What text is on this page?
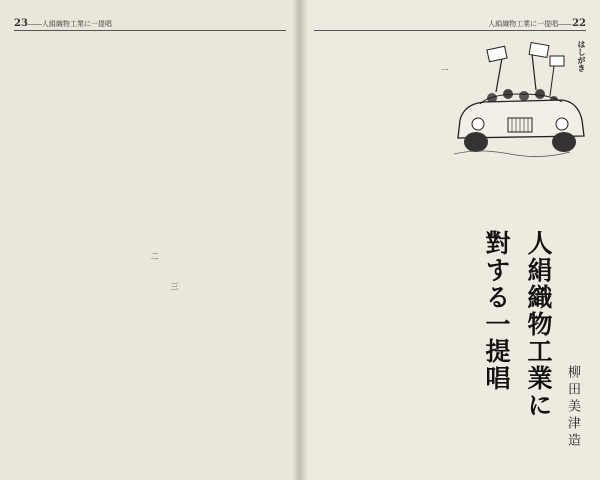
23――人絹織物工業に一提唱
二
三
人絹織物工業に一提唱――22
はしがき
一
人絹織物工業に
對する一提唱
柳田美津造
